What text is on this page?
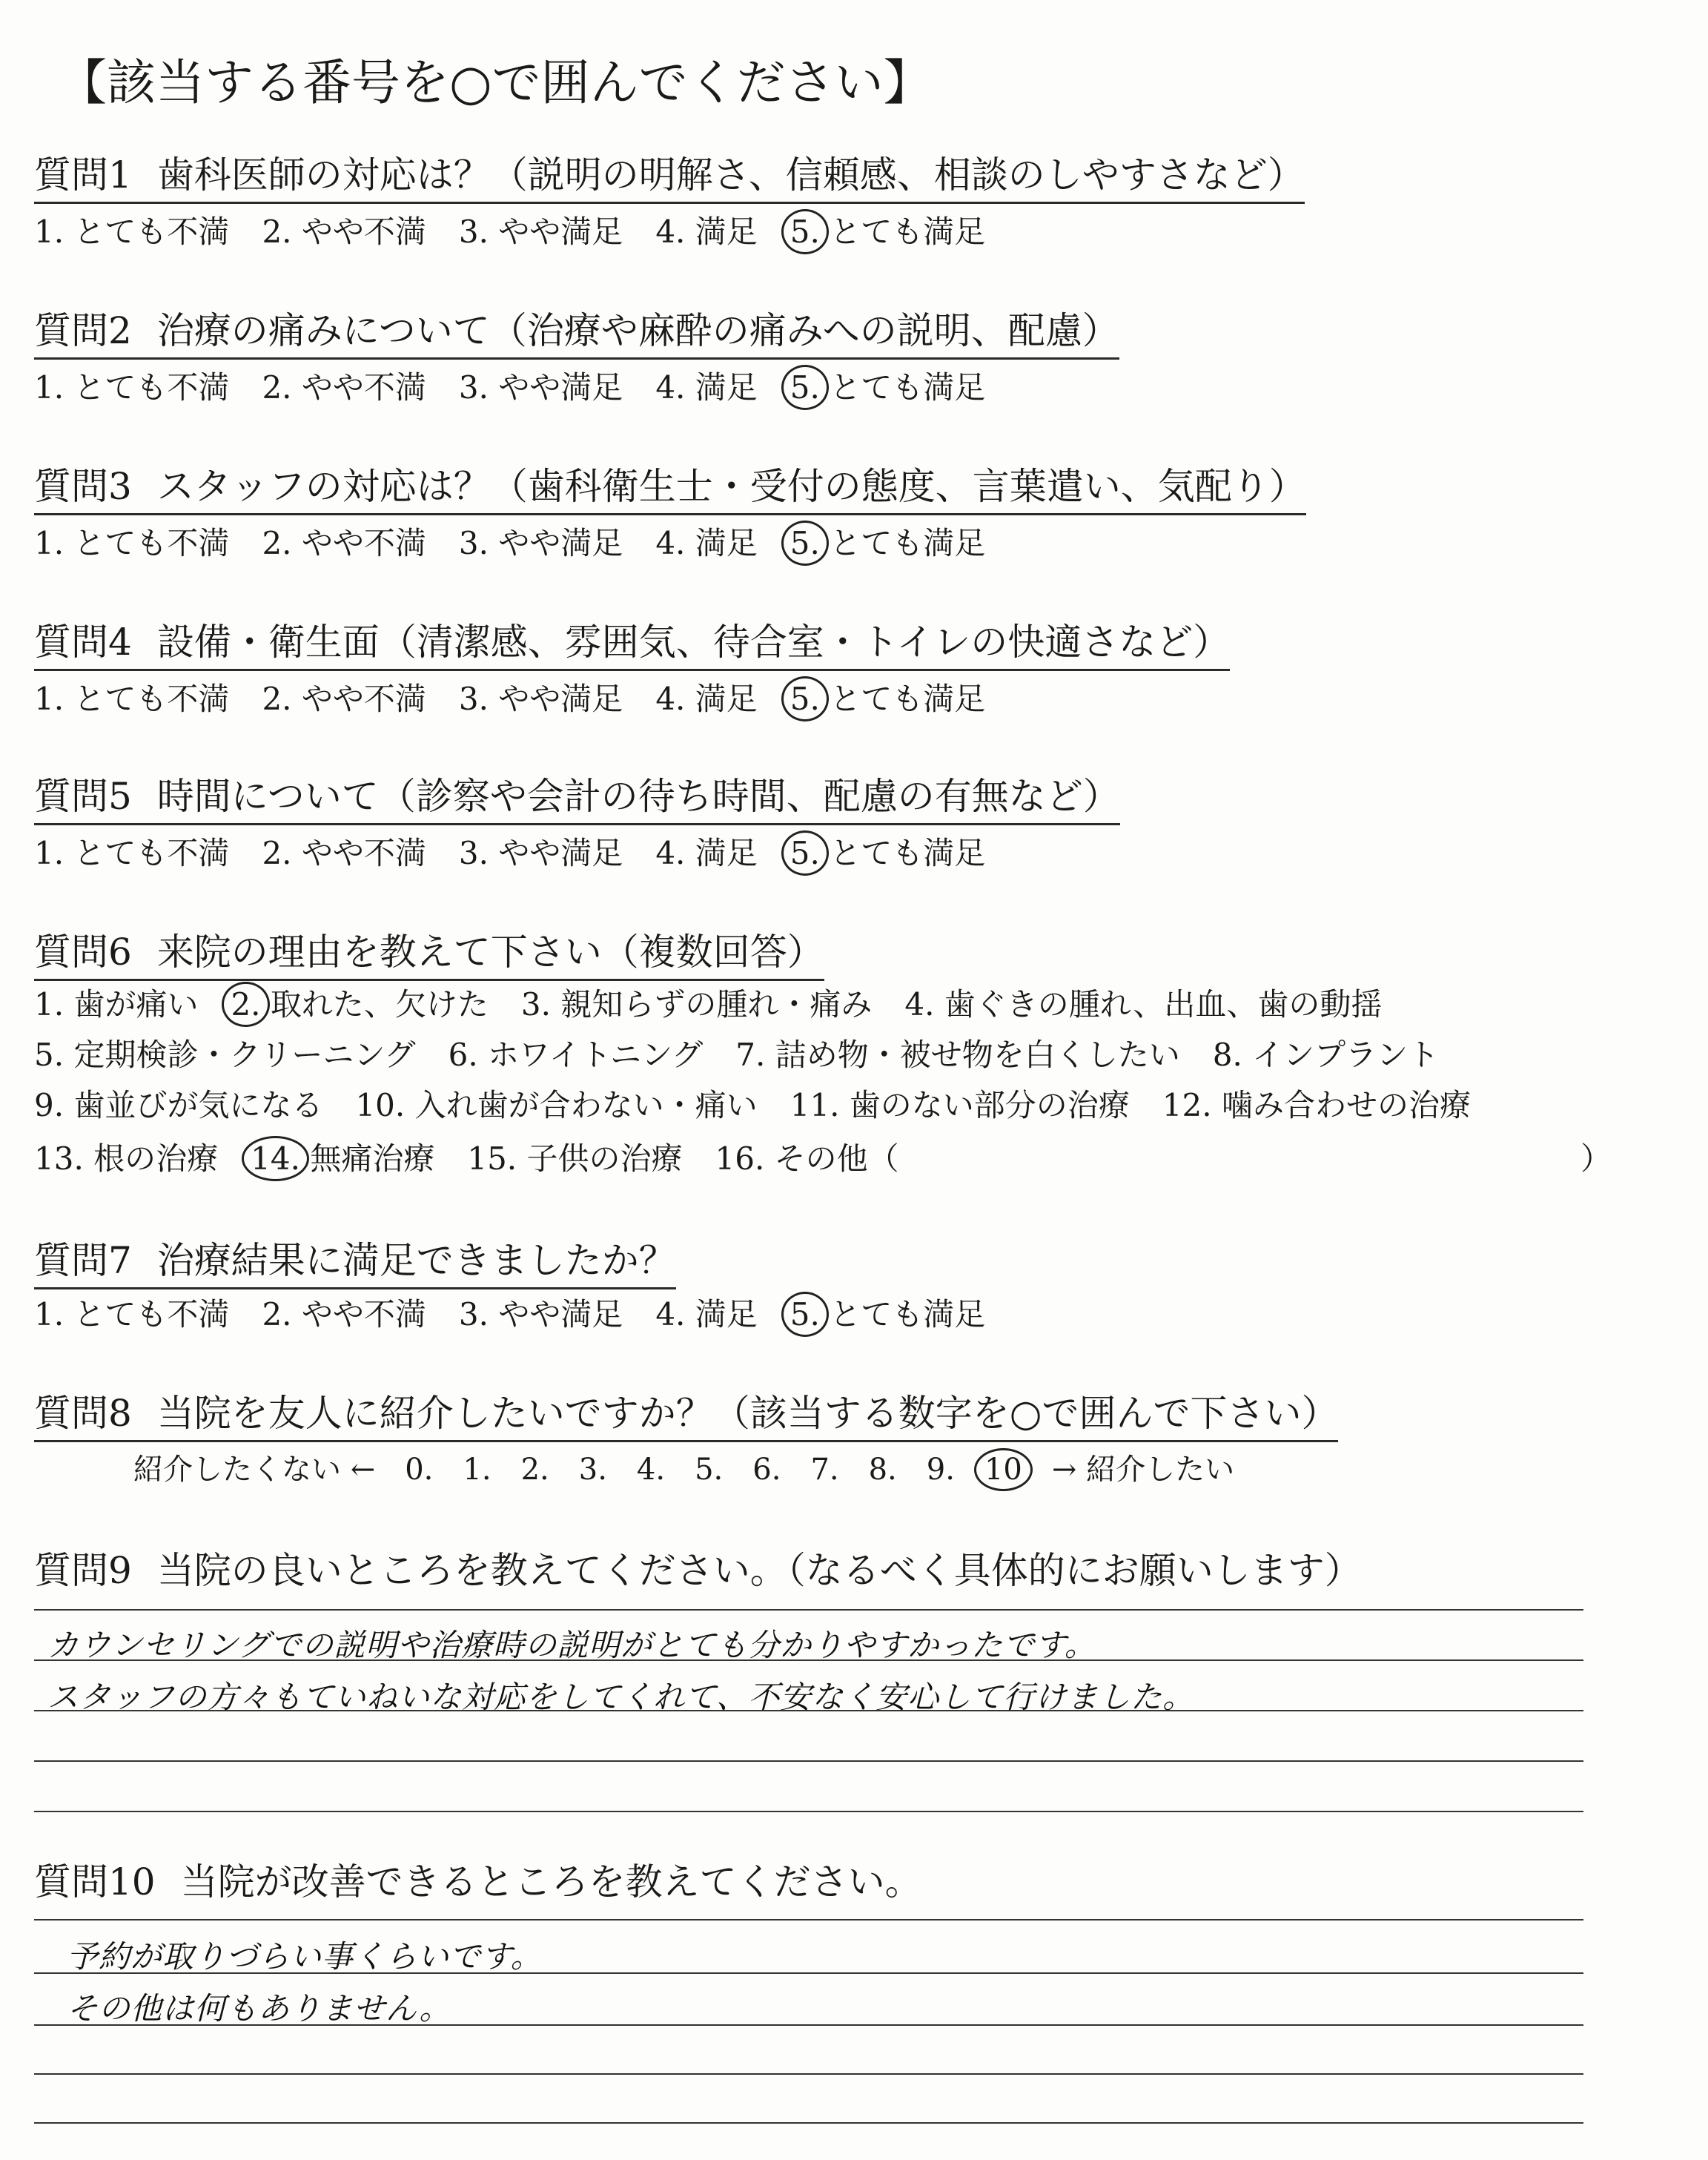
【該当する番号を○で囲んでください】
質問1 歯科医師の対応は？（説明の明解さ、信頼感、相談のしやすさなど）
1. とても不満 2. やや不満 3. やや満足 4. 満足 5. とても満足
質問2 治療の痛みについて（治療や麻酔の痛みへの説明、配慮）
1. とても不満 2. やや不満 3. やや満足 4. 満足 5. とても満足
質問3 スタッフの対応は？（歯科衛生士・受付の態度、言葉遣い、気配り）
1. とても不満 2. やや不満 3. やや満足 4. 満足 5. とても満足
質問4 設備・衛生面（清潔感、雰囲気、待合室・トイレの快適さなど）
1. とても不満 2. やや不満 3. やや満足 4. 満足 5. とても満足
質問5 時間について（診察や会計の待ち時間、配慮の有無など）
1. とても不満 2. やや不満 3. やや満足 4. 満足 5. とても満足
質問6 来院の理由を教えて下さい（複数回答）
1. 歯が痛い 2. 取れた、欠けた 3. 親知らずの腫れ・痛み 4. 歯ぐきの腫れ、出血、歯の動揺
5. 定期検診・クリーニング 6. ホワイトニング 7. 詰め物・被せ物を白くしたい 8. インプラント
9. 歯並びが気になる 10. 入れ歯が合わない・痛い 11. 歯のない部分の治療 12. 噛み合わせの治療
13. 根の治療 14. 無痛治療 15. 子供の治療 16. その他（	）
質問7 治療結果に満足できましたか？
1. とても不満 2. やや不満 3. やや満足 4. 満足 5. とても満足
質問8 当院を友人に紹介したいですか？（該当する数字を○で囲んで下さい）
紹介したくない ← 0. 1. 2. 3. 4. 5. 6. 7. 8. 9. 10 → 紹介したい
質問9 当院の良いところを教えてください。（なるべく具体的にお願いします）
カウンセリングでの説明や治療時の説明がとても分かりやすかったです。
スタッフの方々もていねいな対応をしてくれて、不安なく安心して行けました。
質問10 当院が改善できるところを教えてください。
予約が取りづらい事くらいです。
その他は何もありません。
